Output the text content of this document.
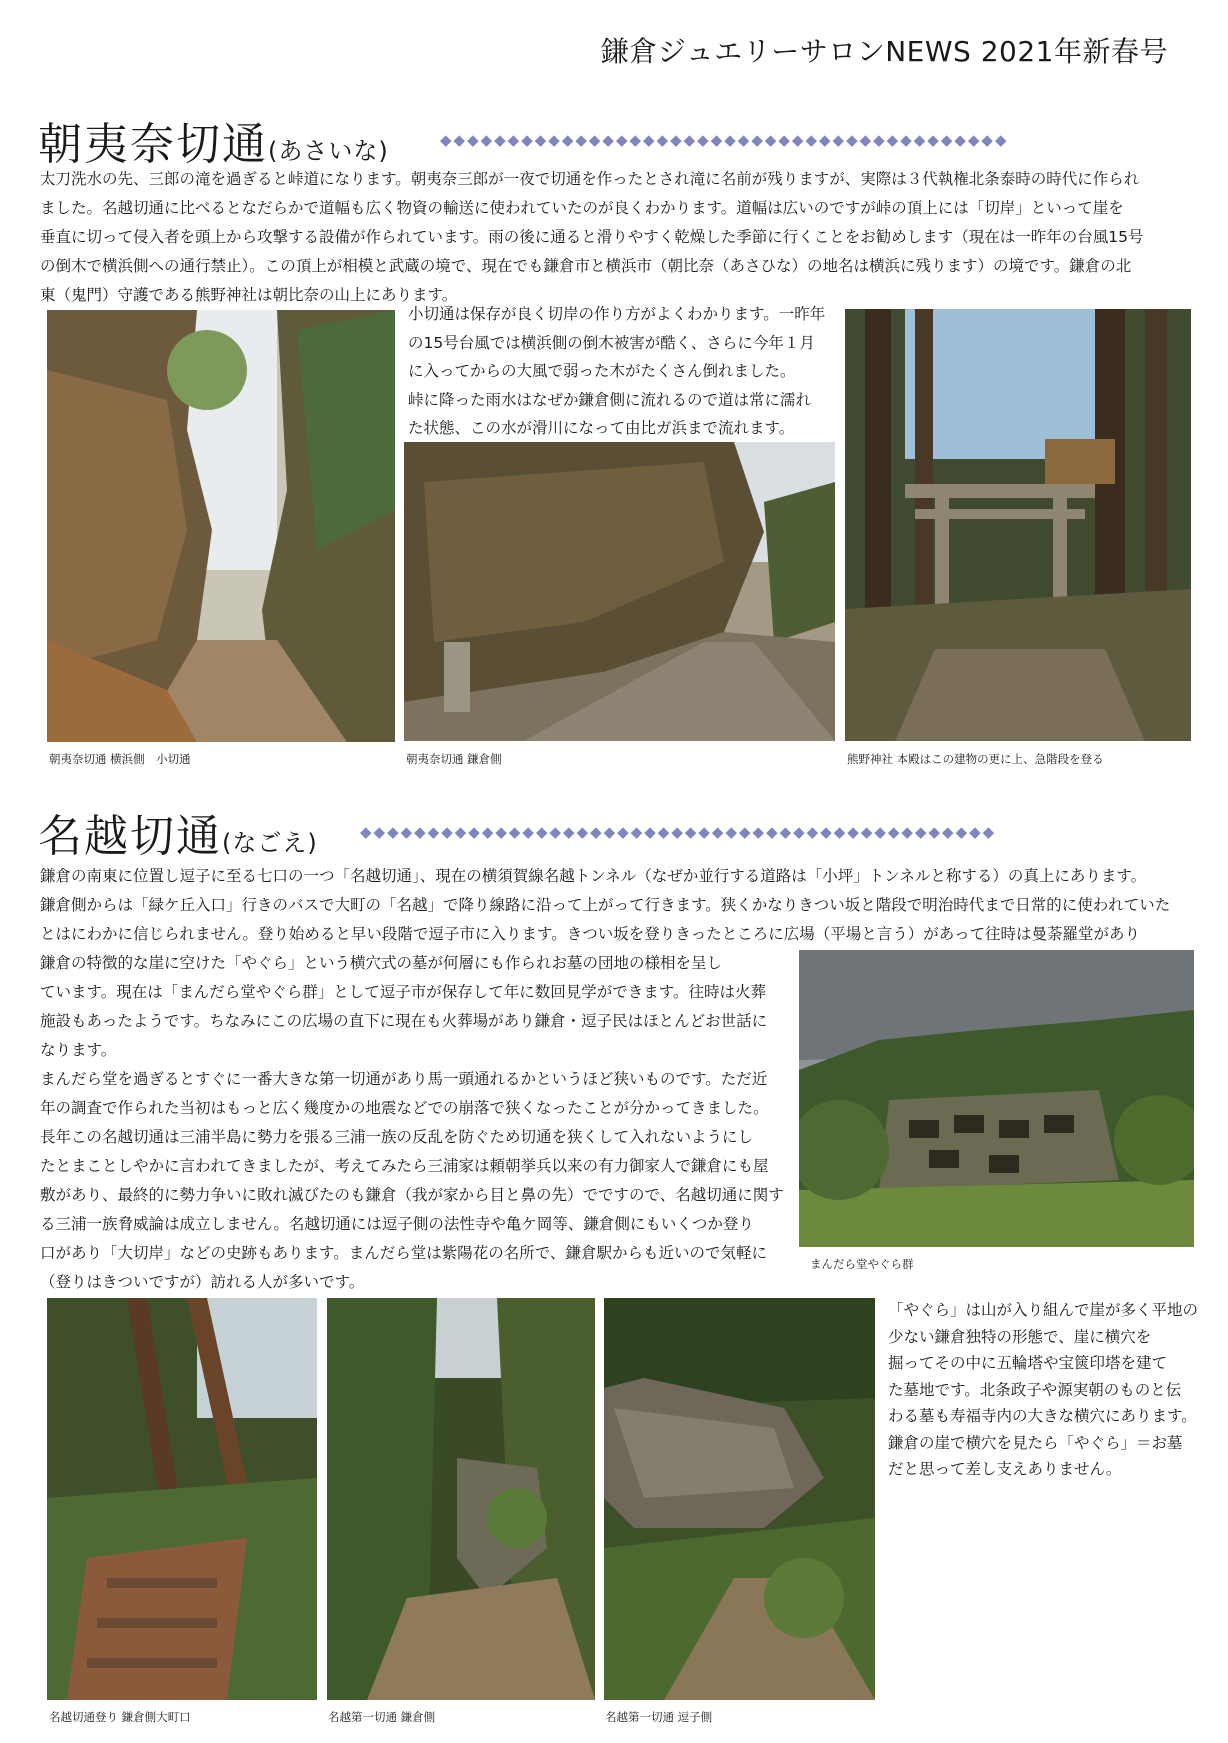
鎌倉ジュエリーサロンNEWS 2021年新春号
朝夷奈切通(あさいな)	◆◆◆◆◆◆◆◆◆◆◆◆◆◆◆◆◆◆◆◆◆◆◆◆◆◆◆◆◆◆◆◆◆◆◆◆◆◆◆◆◆◆

太刀洗水の先、三郎の滝を過ぎると峠道になります。朝夷奈三郎が一夜で切通を作ったとされ滝に名前が残りますが、実際は３代執権北条泰時の時代に作られ

ました。名越切通に比べるとなだらかで道幅も広く物資の輸送に使われていたのが良くわかります。道幅は広いのですが峠の頂上には「切岸」といって崖を

垂直に切って侵入者を頭上から攻撃する設備が作られています。雨の後に通ると滑りやすく乾燥した季節に行くことをお勧めします（現在は一昨年の台風15号

の倒木で横浜側への通行禁止）。この頂上が相模と武蔵の境で、現在でも鎌倉市と横浜市（朝比奈（あさひな）の地名は横浜に残ります）の境です。鎌倉の北

東（鬼門）守護である熊野神社は朝比奈の山上にあります。

朝夷奈切通 横浜側　小切通

小切通は保存が良く切岸の作り方がよくわかります。一昨年

の15号台風では横浜側の倒木被害が酷く、さらに今年１月

に入ってからの大風で弱った木がたくさん倒れました。

峠に降った雨水はなぜか鎌倉側に流れるので道は常に濡れ

た状態、この水が滑川になって由比ガ浜まで流れます。

朝夷奈切通 鎌倉側	熊野神社 本殿はこの建物の更に上、急階段を登る
名越切通(なごえ)	◆◆◆◆◆◆◆◆◆◆◆◆◆◆◆◆◆◆◆◆◆◆◆◆◆◆◆◆◆◆◆◆◆◆◆◆◆◆◆◆◆◆◆◆◆◆◆

鎌倉の南東に位置し逗子に至る七口の一つ「名越切通」、現在の横須賀線名越トンネル（なぜか並行する道路は「小坪」トンネルと称する）の真上にあります。

鎌倉側からは「緑ケ丘入口」行きのバスで大町の「名越」で降り線路に沿って上がって行きます。狭くかなりきつい坂と階段で明治時代まで日常的に使われていた

とはにわかに信じられません。登り始めると早い段階で逗子市に入ります。きつい坂を登りきったところに広場（平場と言う）があって往時は曼荼羅堂があり

鎌倉の特徴的な崖に空けた「やぐら」という横穴式の墓が何層にも作られお墓の団地の様相を呈し

ています。現在は「まんだら堂やぐら群」として逗子市が保存して年に数回見学ができます。往時は火葬

施設もあったようです。ちなみにこの広場の直下に現在も火葬場があり鎌倉・逗子民はほとんどお世話に

なります。

まんだら堂を過ぎるとすぐに一番大きな第一切通があり馬一頭通れるかというほど狭いものです。ただ近

年の調査で作られた当初はもっと広く幾度かの地震などでの崩落で狭くなったことが分かってきました。

長年この名越切通は三浦半島に勢力を張る三浦一族の反乱を防ぐため切通を狭くして入れないようにし

たとまことしやかに言われてきましたが、考えてみたら三浦家は頼朝挙兵以来の有力御家人で鎌倉にも屋

敷があり、最終的に勢力争いに敗れ滅びたのも鎌倉（我が家から目と鼻の先）でですので、名越切通に関す

る三浦一族脅威論は成立しません。名越切通には逗子側の法性寺や亀ケ岡等、鎌倉側にもいくつか登り

口があり「大切岸」などの史跡もあります。まんだら堂は紫陽花の名所で、鎌倉駅からも近いので気軽に

（登りはきついですが）訪れる人が多いです。

まんだら堂やぐら群
名越切通登り 鎌倉側大町口	名越第一切通 鎌倉側	名越第一切通 逗子側

「やぐら」は山が入り組んで崖が多く平地の

少ない鎌倉独特の形態で、崖に横穴を

掘ってその中に五輪塔や宝篋印塔を建て

た墓地です。北条政子や源実朝のものと伝

わる墓も寿福寺内の大きな横穴にあります。

鎌倉の崖で横穴を見たら「やぐら」＝お墓

だと思って差し支えありません。
